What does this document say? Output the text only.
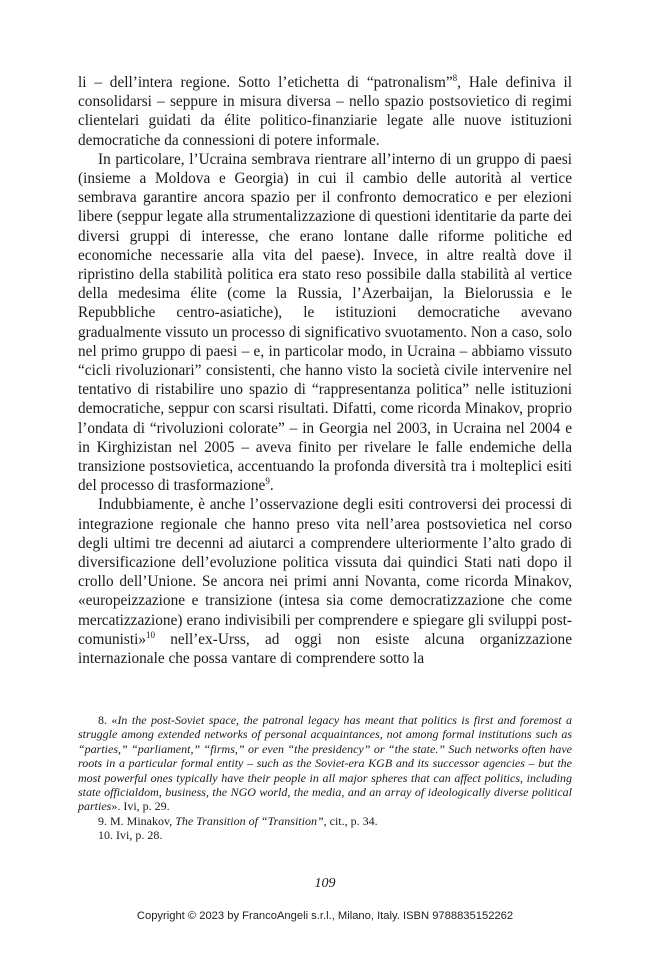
li – dell’intera regione. Sotto l’etichetta di “patronalism”$^8$, Hale definiva il consolidarsi – seppure in misura diversa – nello spazio postsovietico di regimi clientelari guidati da élite politico-finanziarie legate alle nuove istituzioni democratiche da connessioni di potere informale.

In particolare, l’Ucraina sembrava rientrare all’interno di un gruppo di paesi (insieme a Moldova e Georgia) in cui il cambio delle autorità al vertice sembrava garantire ancora spazio per il confronto democratico e per elezioni libere (seppur legate alla strumentalizzazione di questioni identitarie da parte dei diversi gruppi di interesse, che erano lontane dalle riforme politiche ed economiche necessarie alla vita del paese). Invece, in altre realtà dove il ripristino della stabilità politica era stato reso possibile dalla stabilità al vertice della medesima élite (come la Russia, l’Azerbaijan, la Bielorussia e le Repubbliche centro-asiatiche), le istituzioni democratiche avevano gradualmente vissuto un processo di significativo svuotamento. Non a caso, solo nel primo gruppo di paesi – e, in particolar modo, in Ucraina – abbiamo vissuto “cicli rivoluzionari” consistenti, che hanno visto la società civile intervenire nel tentativo di ristabilire uno spazio di “rappresentanza politica” nelle istituzioni democratiche, seppur con scarsi risultati. Difatti, come ricorda Minakov, proprio l’ondata di “rivoluzioni colorate” – in Georgia nel 2003, in Ucraina nel 2004 e in Kirghizistan nel 2005 – aveva finito per rivelare le falle endemiche della transizione postsovietica, accentuando la profonda diversità tra i molteplici esiti del processo di trasformazione$^9$.

Indubbiamente, è anche l’osservazione degli esiti controversi dei processi di integrazione regionale che hanno preso vita nell’area postsovietica nel corso degli ultimi tre decenni ad aiutarci a comprendere ulteriormente l’alto grado di diversificazione dell’evoluzione politica vissuta dai quindici Stati nati dopo il crollo dell’Unione. Se ancora nei primi anni Novanta, come ricorda Minakov, «europeizzazione e transizione (intesa sia come democratizzazione che come mercatizzazione) erano indivisibili per comprendere e spiegare gli sviluppi post-comunisti»$^{10}$ nell’ex-Urss, ad oggi non esiste alcuna organizzazione internazionale che possa vantare di comprendere sotto la

8. «In the post-Soviet space, the patronal legacy has meant that politics is first and foremost a struggle among extended networks of personal acquaintances, not among formal institutions such as “parties,” “parliament,” “firms,” or even “the presidency” or “the state.” Such networks often have roots in a particular formal entity – such as the Soviet-era KGB and its successor agencies – but the most powerful ones typically have their people in all major spheres that can affect politics, including state officialdom, business, the NGO world, the media, and an array of ideologically diverse political parties». Ivi, p. 29.

9. M. Minakov, The Transition of “Transition”, cit., p. 34.

10. Ivi, p. 28.

109
Copyright © 2023 by FrancoAngeli s.r.l., Milano, Italy. ISBN 9788835152262
